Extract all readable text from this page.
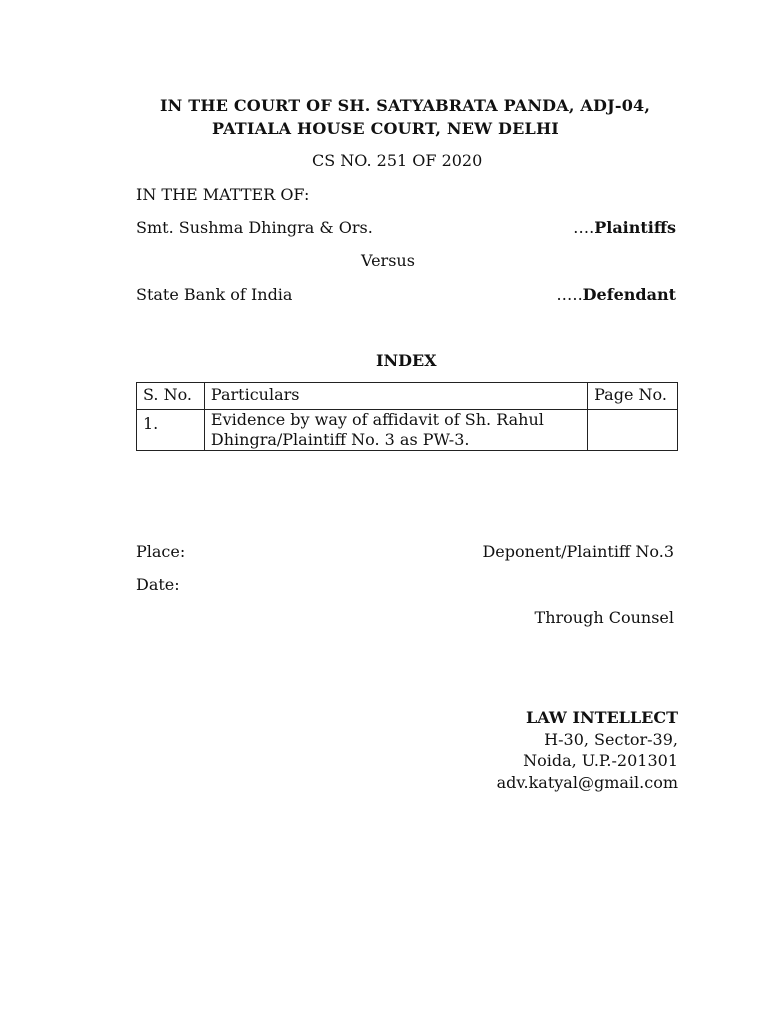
IN THE COURT OF SH. SATYABRATA PANDA, ADJ-04,
PATIALA HOUSE COURT, NEW DELHI
CS NO. 251 OF 2020
IN THE MATTER OF:
Smt. Sushma Dhingra & Ors.	….Plaintiffs
Versus
State Bank of India	.….Defendant
INDEX
S. No.	Particulars	Page No.
1.	Evidence by way of affidavit of Sh. Rahul
Dhingra/Plaintiff No. 3 as PW-3.	

Place:	Deponent/Plaintiff No.3
Date:
Through Counsel
LAW INTELLECT
H-30, Sector-39,
Noida, U.P.-201301
adv.katyal@gmail.com
